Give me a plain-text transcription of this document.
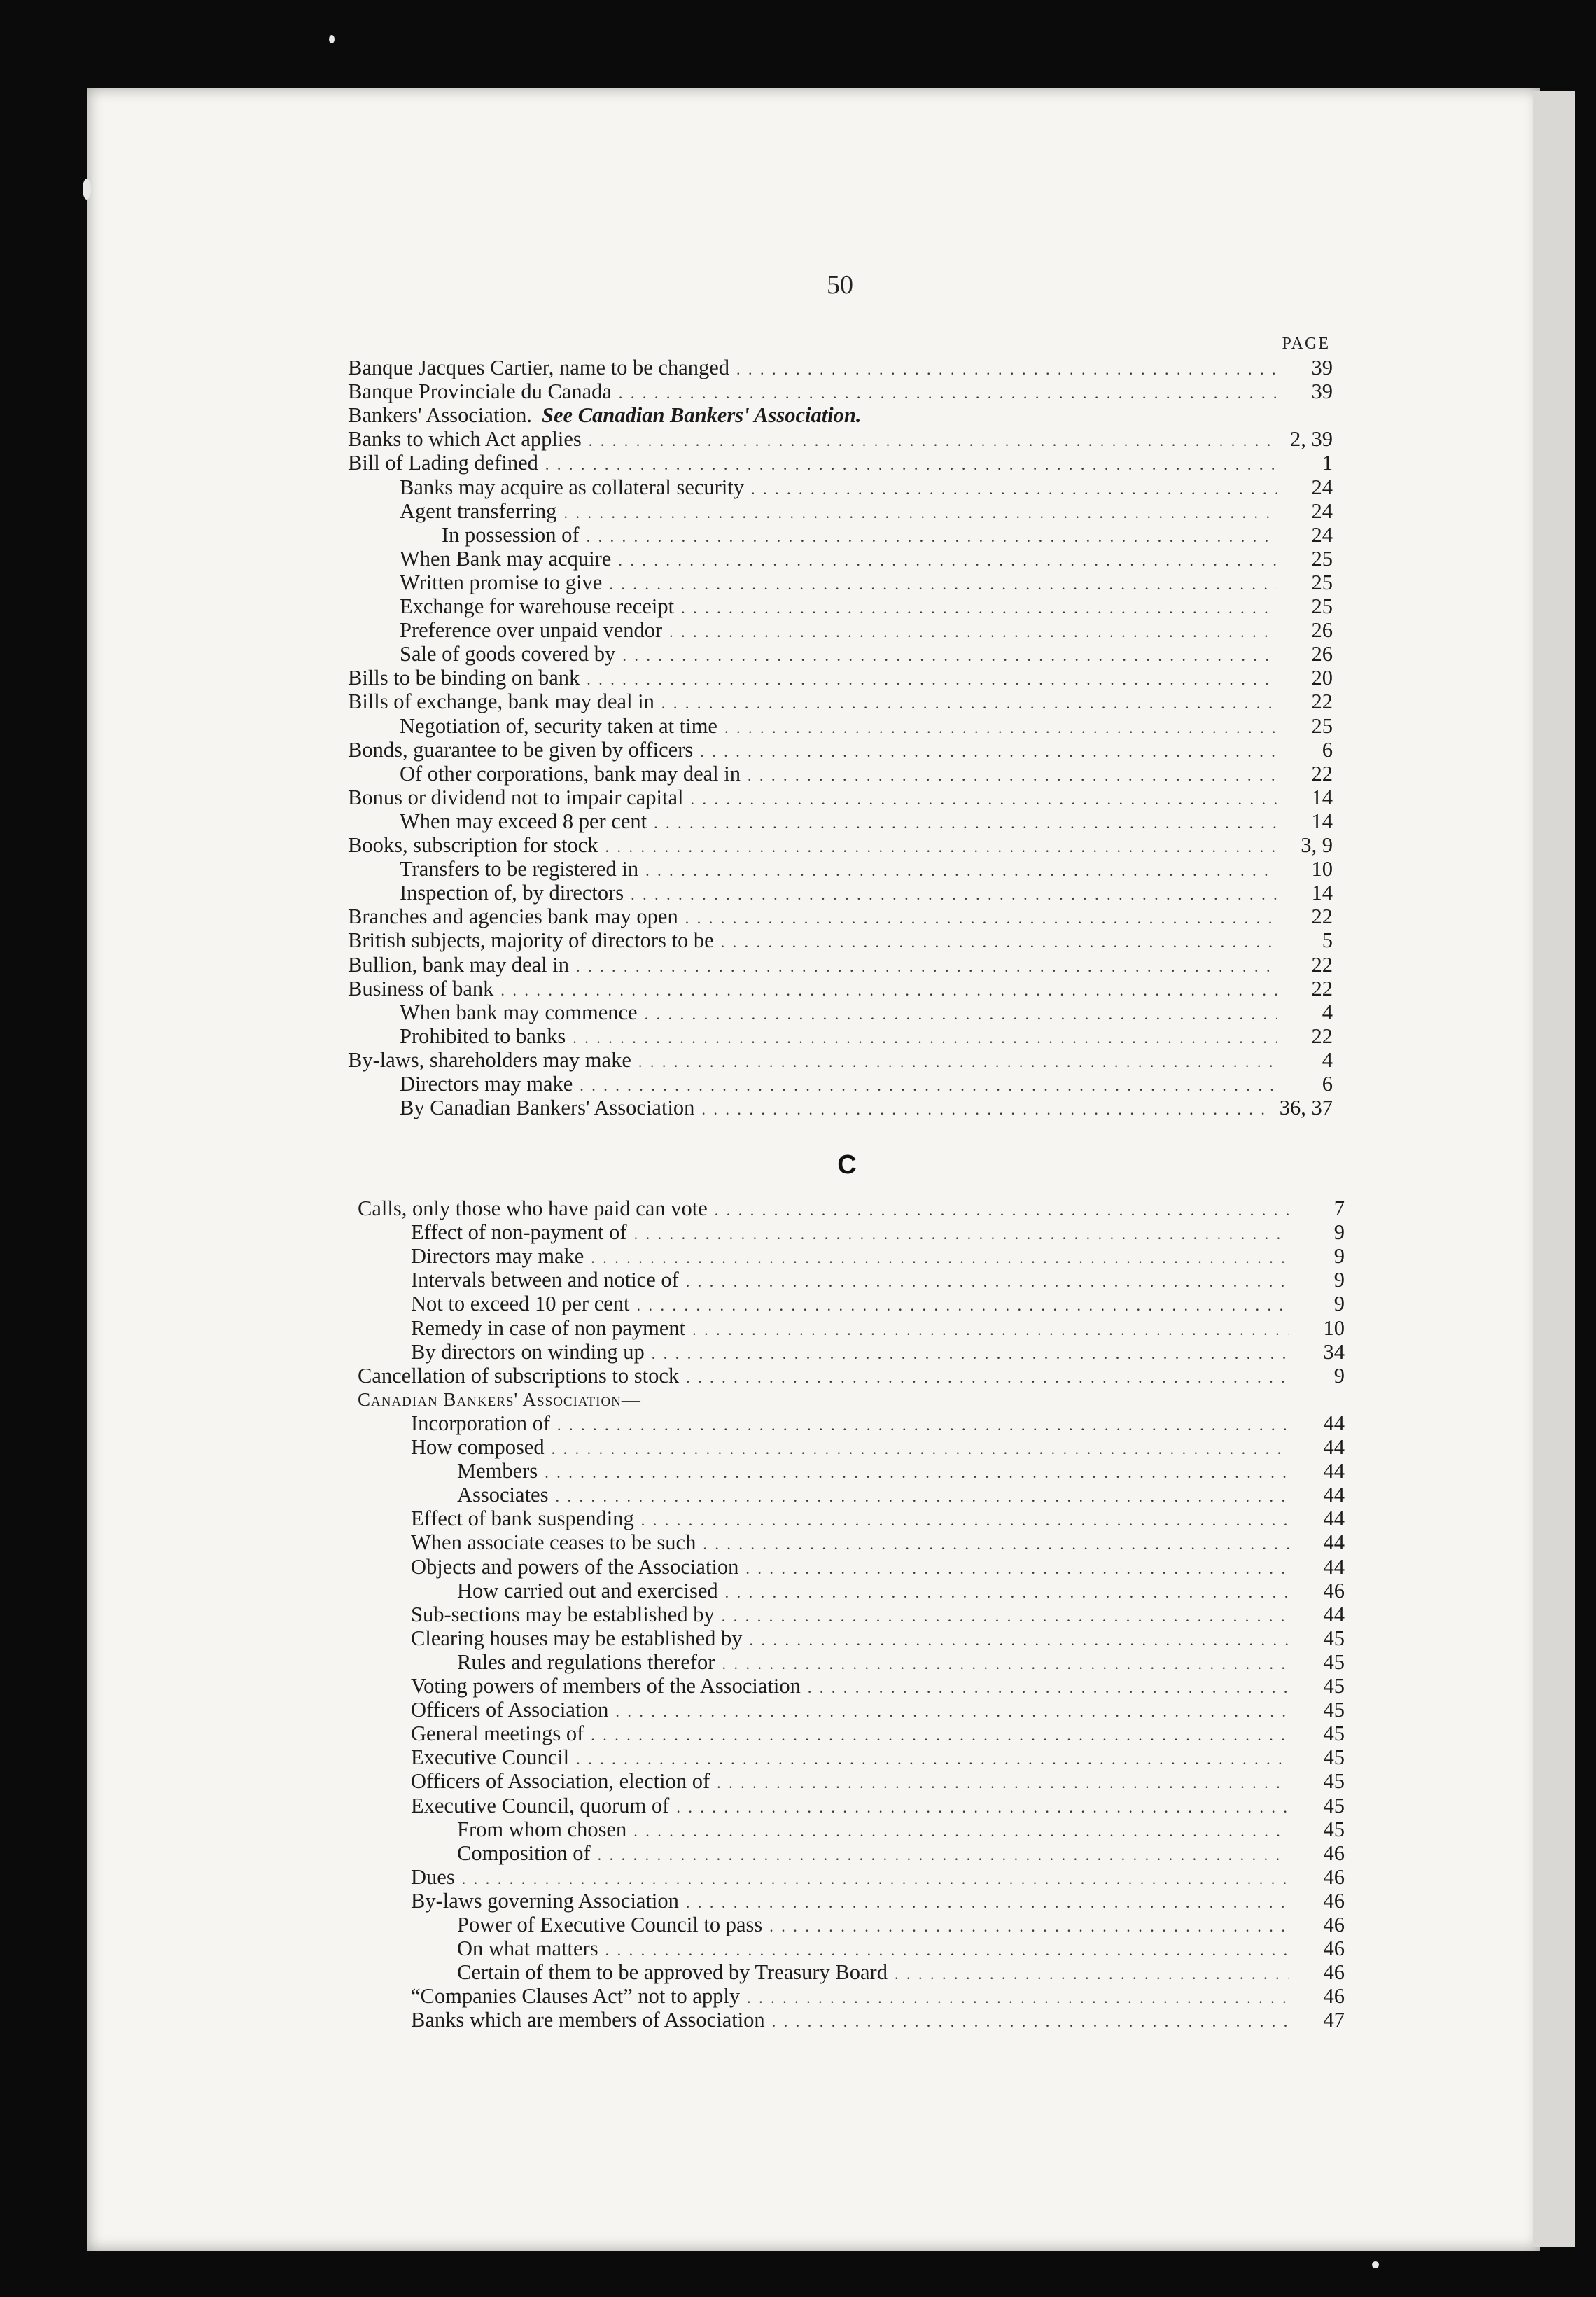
50
PAGE
Banque Jacques Cartier, name to be changed . . .	39
Banque Provinciale du Canada . . .	39
Bankers' Association. See Canadian Bankers' Association.
Banks to which Act applies . . .	2, 39
Bill of Lading defined . . .	1
Banks may acquire as collateral security . . .	24
Agent transferring . . .	24
In possession of . . .	24
When Bank may acquire . . .	25
Written promise to give . . .	25
Exchange for warehouse receipt . . .	25
Preference over unpaid vendor . . .	26
Sale of goods covered by . . .	26
Bills to be binding on bank . . .	20
Bills of exchange, bank may deal in . . .	22
Negotiation of, security taken at time . . .	25
Bonds, guarantee to be given by officers . . .	6
Of other corporations, bank may deal in . . .	22
Bonus or dividend not to impair capital . . .	14
When may exceed 8 per cent . . .	14
Books, subscription for stock . . .	3, 9
Transfers to be registered in . . .	10
Inspection of, by directors . . .	14
Branches and agencies bank may open . . .	22
British subjects, majority of directors to be . . .	5
Bullion, bank may deal in . . .	22
Business of bank . . .	22
When bank may commence . . .	4
Prohibited to banks . . .	22
By-laws, shareholders may make . . .	4
Directors may make . . .	6
By Canadian Bankers' Association . . .	36, 37
C
Calls, only those who have paid can vote . . .	7
Effect of non-payment of . . .	9
Directors may make . . .	9
Intervals between and notice of . . .	9
Not to exceed 10 per cent . . .	9
Remedy in case of non payment . . .	10
By directors on winding up . . .	34
Cancellation of subscriptions to stock . . .	9
Canadian Bankers' Association—
Incorporation of . . .	44
How composed . . .	44
Members . . .	44
Associates . . .	44
Effect of bank suspending . . .	44
When associate ceases to be such . . .	44
Objects and powers of the Association . . .	44
How carried out and exercised . . .	46
Sub-sections may be established by . . .	44
Clearing houses may be established by . . .	45
Rules and regulations therefor . . .	45
Voting powers of members of the Association . . .	45
Officers of Association . . .	45
General meetings of . . .	45
Executive Council . . .	45
Officers of Association, election of . . .	45
Executive Council, quorum of . . .	45
From whom chosen . . .	45
Composition of . . .	46
Dues . . .	46
By-laws governing Association . . .	46
Power of Executive Council to pass . . .	46
On what matters . . .	46
Certain of them to be approved by Treasury Board . . .	46
“Companies Clauses Act” not to apply . . .	46
Banks which are members of Association . . .	47
